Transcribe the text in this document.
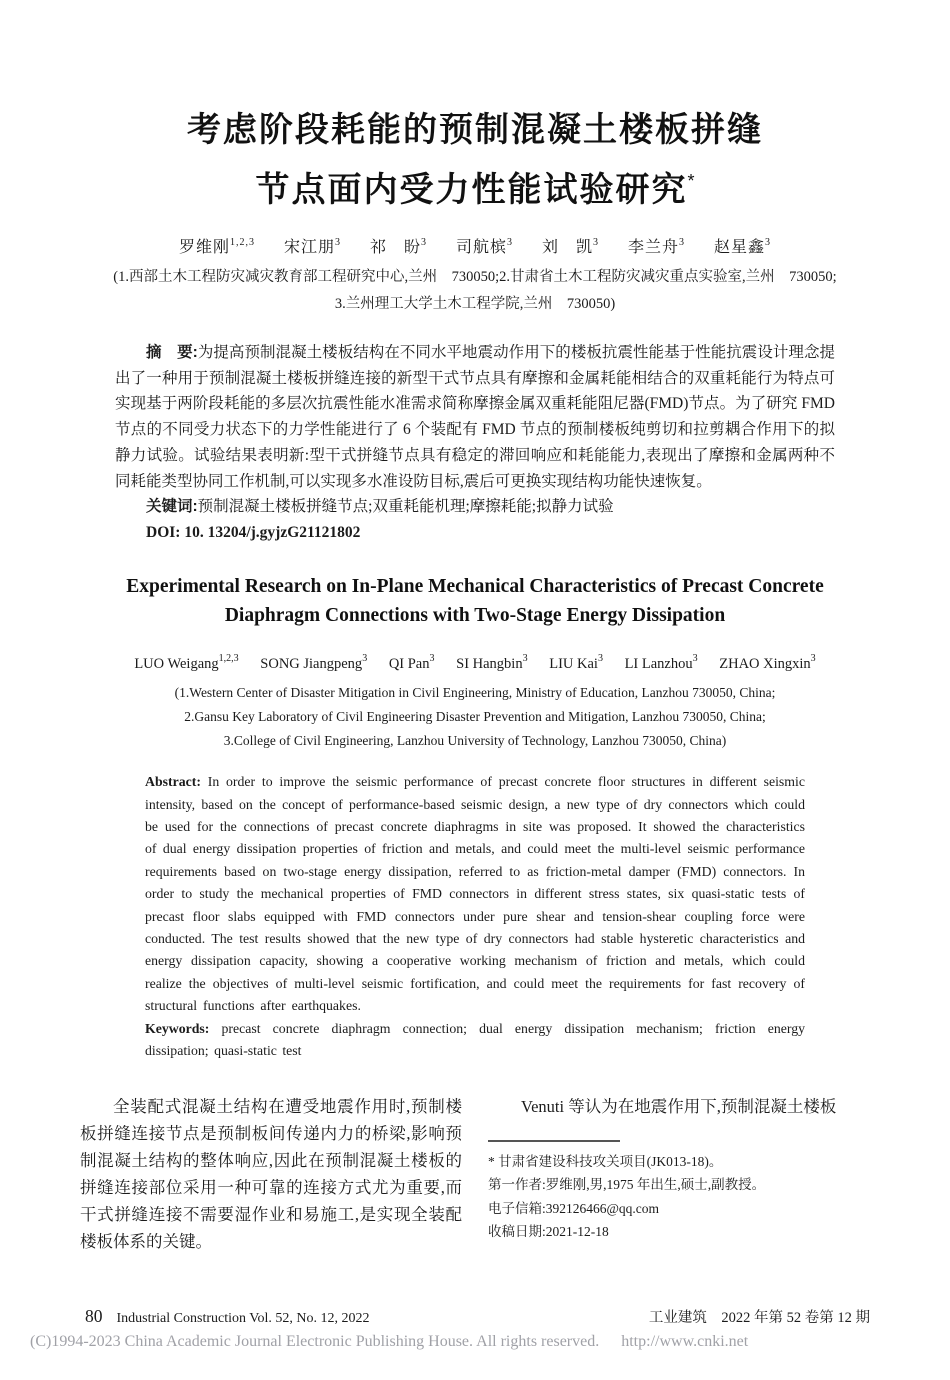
考虑阶段耗能的预制混凝土楼板拼缝
节点面内受力性能试验研究*
罗维刚$^{1,2,3}$ 宋江朋$^3$ 祁　盼$^3$ 司航槟$^3$ 刘　凯$^3$ 李兰舟$^3$ 赵星鑫$^3$
(1.西部土木工程防灾减灾教育部工程研究中心,兰州　730050;2.甘肃省土木工程防灾减灾重点实验室,兰州　730050;
3.兰州理工大学土木工程学院,兰州　730050)

摘　要:为提高预制混凝土楼板结构在不同水平地震动作用下的楼板抗震性能基于性能抗震设计理念提出了一种用于预制混凝土楼板拼缝连接的新型干式节点具有摩擦和金属耗能相结合的双重耗能行为特点可实现基于两阶段耗能的多层次抗震性能水准需求简称摩擦金属双重耗能阻尼器(FMD)节点。为了研究 FMD 节点的不同受力状态下的力学性能进行了 6 个装配有 FMD 节点的预制楼板纯剪切和拉剪耦合作用下的拟静力试验。试验结果表明新:型干式拼缝节点具有稳定的滞回响应和耗能能力,表现出了摩擦和金属两种不同耗能类型协同工作机制,可以实现多水准设防目标,震后可更换实现结构功能快速恢复。

关键词:预制混凝土楼板拼缝节点;双重耗能机理;摩擦耗能;拟静力试验

DOI: 10. 13204/j.gyjzG21121802

Experimental Research on In-Plane Mechanical Characteristics of Precast Concrete
Diaphragm Connections with Two-Stage Energy Dissipation
LUO Weigang$^{1,2,3}$ SONG Jiangpeng$^3$ QI Pan$^3$ SI Hangbin$^3$ LIU Kai$^3$ LI Lanzhou$^3$ ZHAO Xingxin$^3$
(1.Western Center of Disaster Mitigation in Civil Engineering, Ministry of Education, Lanzhou 730050, China;
2.Gansu Key Laboratory of Civil Engineering Disaster Prevention and Mitigation, Lanzhou 730050, China;
3.College of Civil Engineering, Lanzhou University of Technology, Lanzhou 730050, China)

Abstract: In order to improve the seismic performance of precast concrete floor structures in different seismic intensity, based on the concept of performance-based seismic design, a new type of dry connectors which could be used for the connections of precast concrete diaphragms in site was proposed. It showed the characteristics of dual energy dissipation properties of friction and metals, and could meet the multi-level seismic performance requirements based on two-stage energy dissipation, referred to as friction-metal damper (FMD) connectors. In order to study the mechanical properties of FMD connectors in different stress states, six quasi-static tests of precast floor slabs equipped with FMD connectors under pure shear and tension-shear coupling force were conducted. The test results showed that the new type of dry connectors had stable hysteretic characteristics and energy dissipation capacity, showing a cooperative working mechanism of friction and metals, which could realize the objectives of multi-level seismic fortification, and could meet the requirements for fast recovery of structural functions after earthquakes.

Keywords: precast concrete diaphragm connection; dual energy dissipation mechanism; friction energy dissipation; quasi-static test

全装配式混凝土结构在遭受地震作用时,预制楼板拼缝连接节点是预制板间传递内力的桥梁,影响预制混凝土结构的整体响应,因此在预制混凝土楼板的拼缝连接部位采用一种可靠的连接方式尤为重要,而干式拼缝连接不需要湿作业和易施工,是实现全装配楼板体系的关键。

Venuti 等认为在地震作用下,预制混凝土楼板

* 甘肃省建设科技攻关项目(JK013-18)。
第一作者:罗维刚,男,1975 年出生,硕士,副教授。
电子信箱:392126466@qq.com
收稿日期:2021-12-18
80 Industrial Construction Vol. 52, No. 12, 2022	工业建筑　2022 年第 52 卷第 12 期
(C)1994-2023 China Academic Journal Electronic Publishing House. All rights reserved. http://www.cnki.net
